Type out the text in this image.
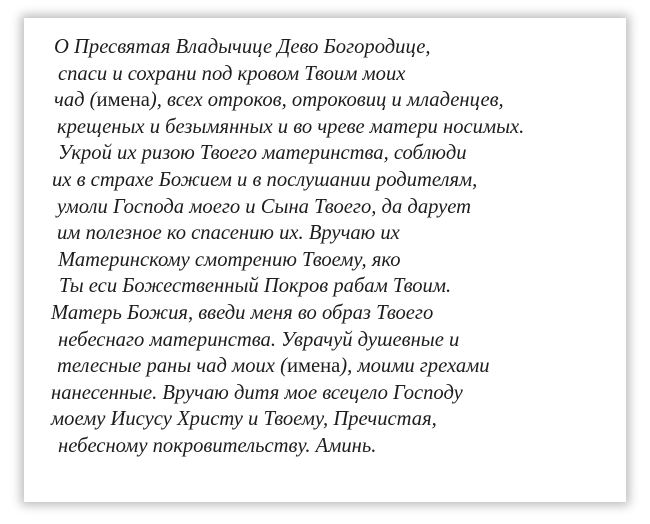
О Пресвятая Владычице Дево Богородице,
спаси и сохрани под кровом Твоим моих
чад (имена), всех отроков, отроковиц и младенцев,
крещеных и безымянных и во чреве матери носимых.
Укрой их ризою Твоего материнства, соблюди
их в страхе Божием и в послушании родителям,
умоли Господа моего и Сына Твоего, да дарует
им полезное ко спасению их. Вручаю их
Материнскому смотрению Твоему, яко
Ты еси Божественный Покров рабам Твоим.
Матерь Божия, введи меня во образ Твоего
небеснаго материнства. Уврачуй душевные и
телесные раны чад моих (имена), моими грехами
нанесенные. Вручаю дитя мое всецело Господу
моему Иисусу Христу и Твоему, Пречистая,
небесному покровительству. Аминь.
